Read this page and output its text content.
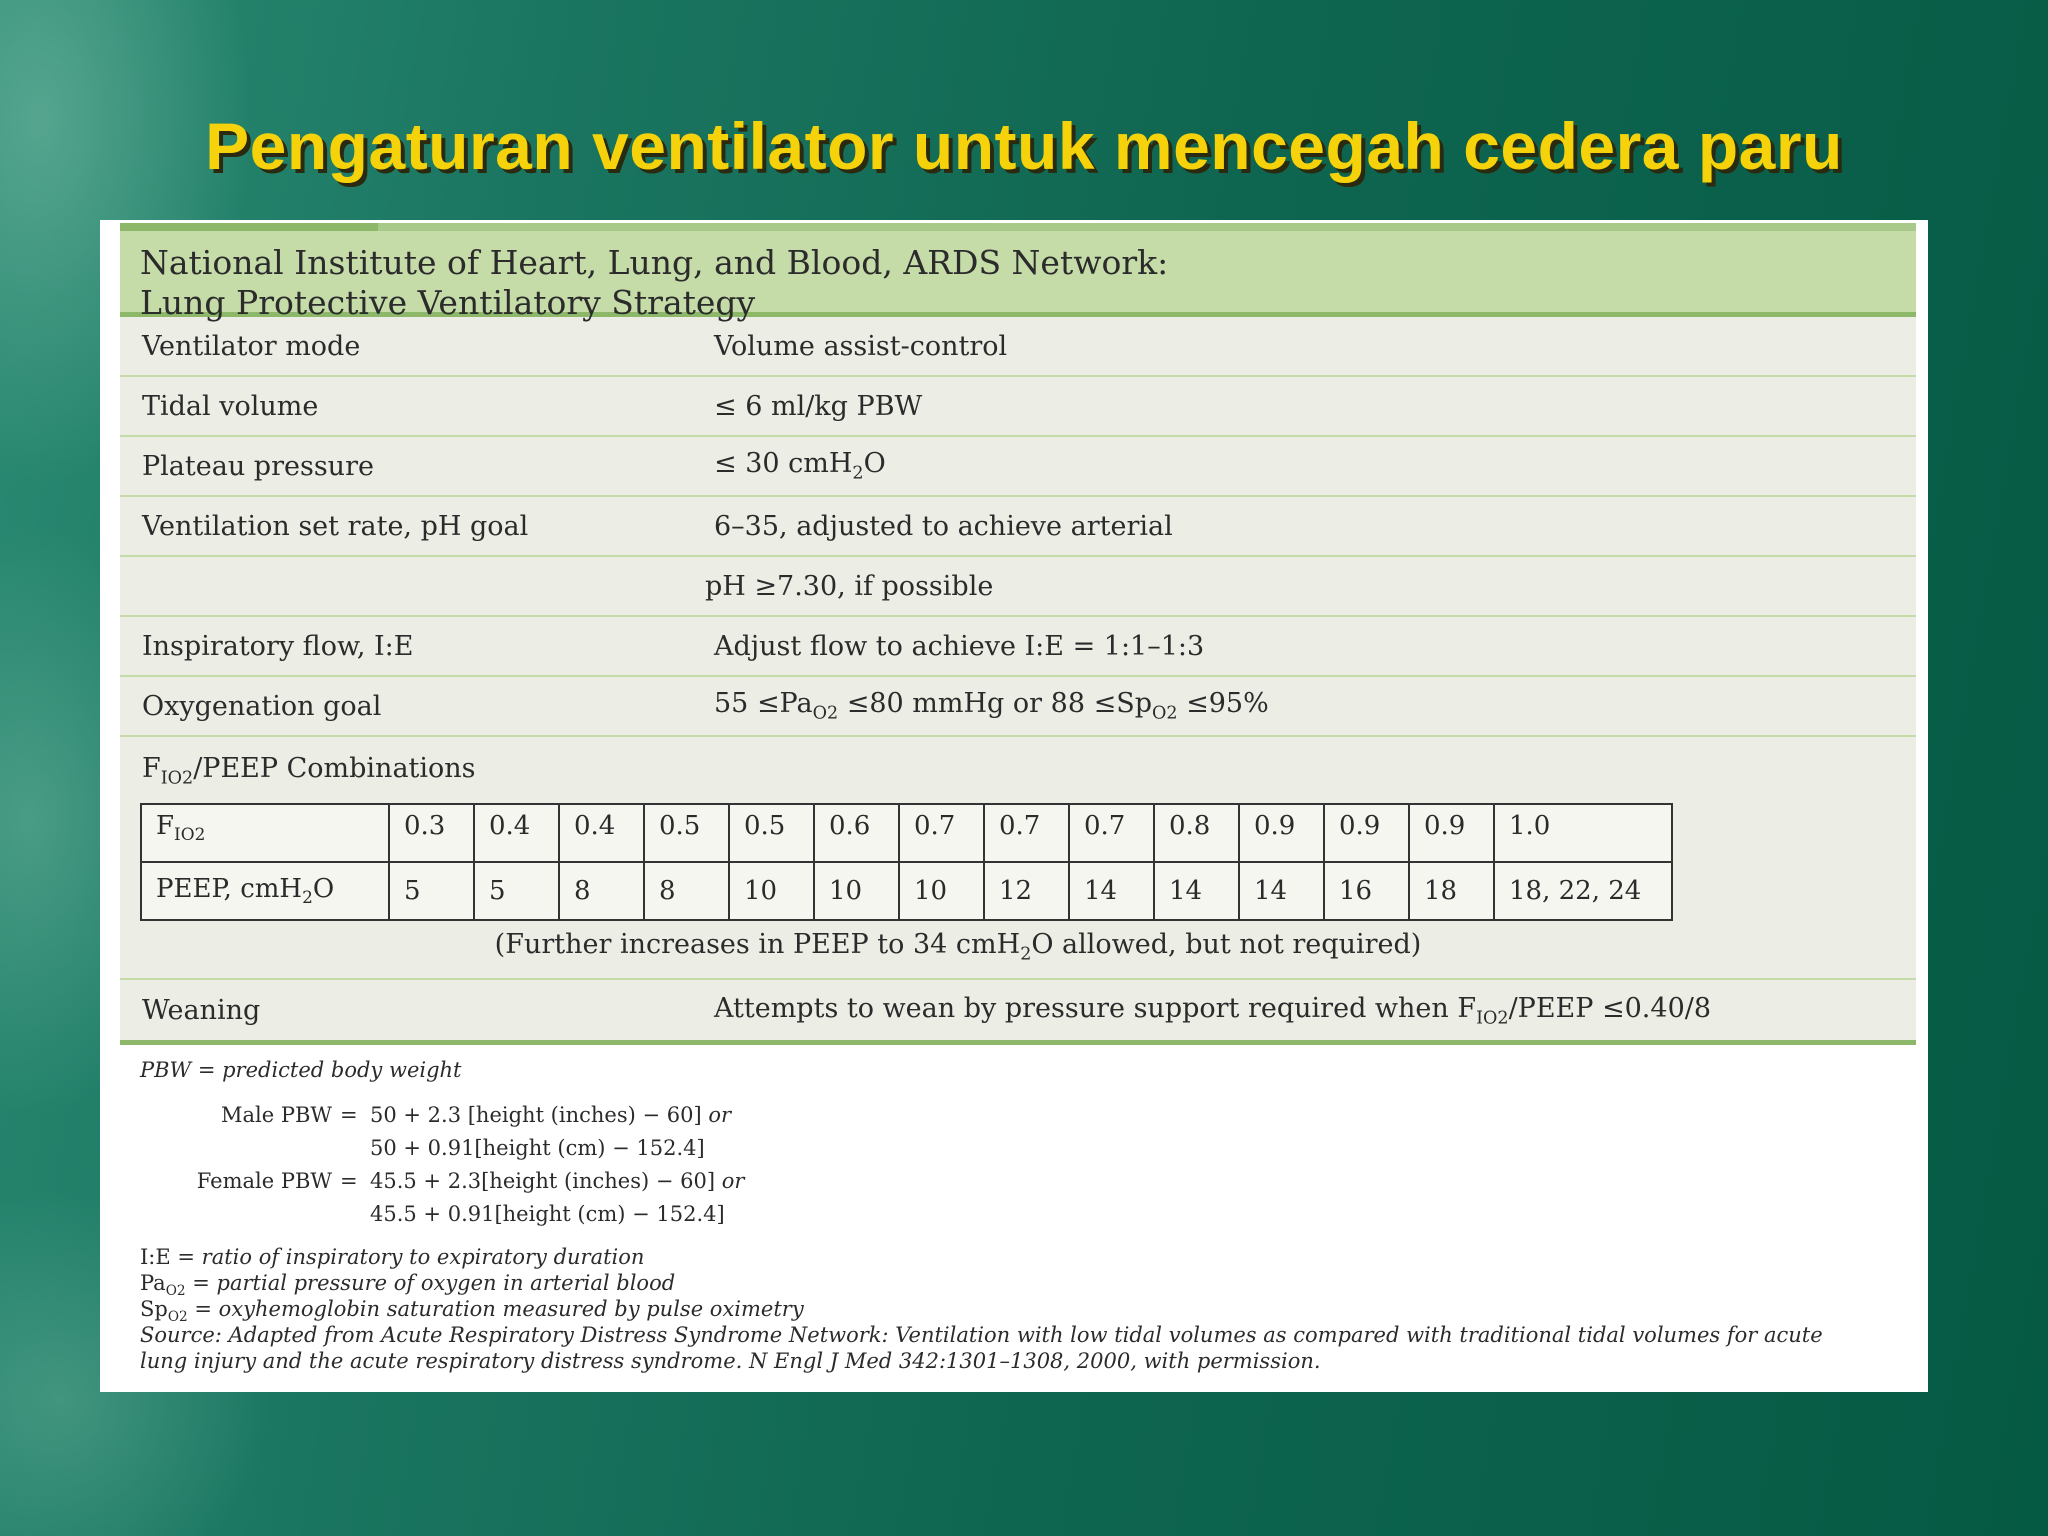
Pengaturan ventilator untuk mencegah cedera paru
National Institute of Heart, Lung, and Blood, ARDS Network:
Lung Protective Ventilatory Strategy
Ventilator mode	Volume assist-control
Tidal volume	≤ 6 ml/kg PBW
Plateau pressure	≤ 30 cmH$_2$O
Ventilation set rate, pH goal	6–35, adjusted to achieve arterial
pH ≥7.30, if possible
Inspiratory flow, I:E	Adjust flow to achieve I:E = 1:1–1:3
Oxygenation goal	$55 \le Pa_{O2} \le 80$ mmHg or $88 \le Sp_{O2} \le 95\%$
$F_{IO2}$/PEEP Combinations
$F_{IO2}$	0.3	0.4	0.4	0.5	0.5	0.6	0.7	0.7	0.7	0.8	0.9	0.9	0.9	1.0
PEEP, cmH$_2$O	5	5	8	8	10	10	10	12	14	14	14	16	18	18, 22, 24
(Further increases in PEEP to 34 cmH$_2$O allowed, but not required)
Weaning	Attempts to wean by pressure support required when $F_{IO2}$/PEEP ≤0.40/8
PBW = predicted body weight
Male PBW = 50 + 2.3 [height (inches) − 60] or
50 + 0.91[height (cm) − 152.4]
Female PBW = 45.5 + 2.3[height (inches) − 60] or
45.5 + 0.91[height (cm) − 152.4]
I:E = ratio of inspiratory to expiratory duration
$Pa_{O2}$ = partial pressure of oxygen in arterial blood
$Sp_{O2}$ = oxyhemoglobin saturation measured by pulse oximetry
Source: Adapted from Acute Respiratory Distress Syndrome Network: Ventilation with low tidal volumes as compared with traditional tidal volumes for acute
lung injury and the acute respiratory distress syndrome. N Engl J Med 342:1301–1308, 2000, with permission.
